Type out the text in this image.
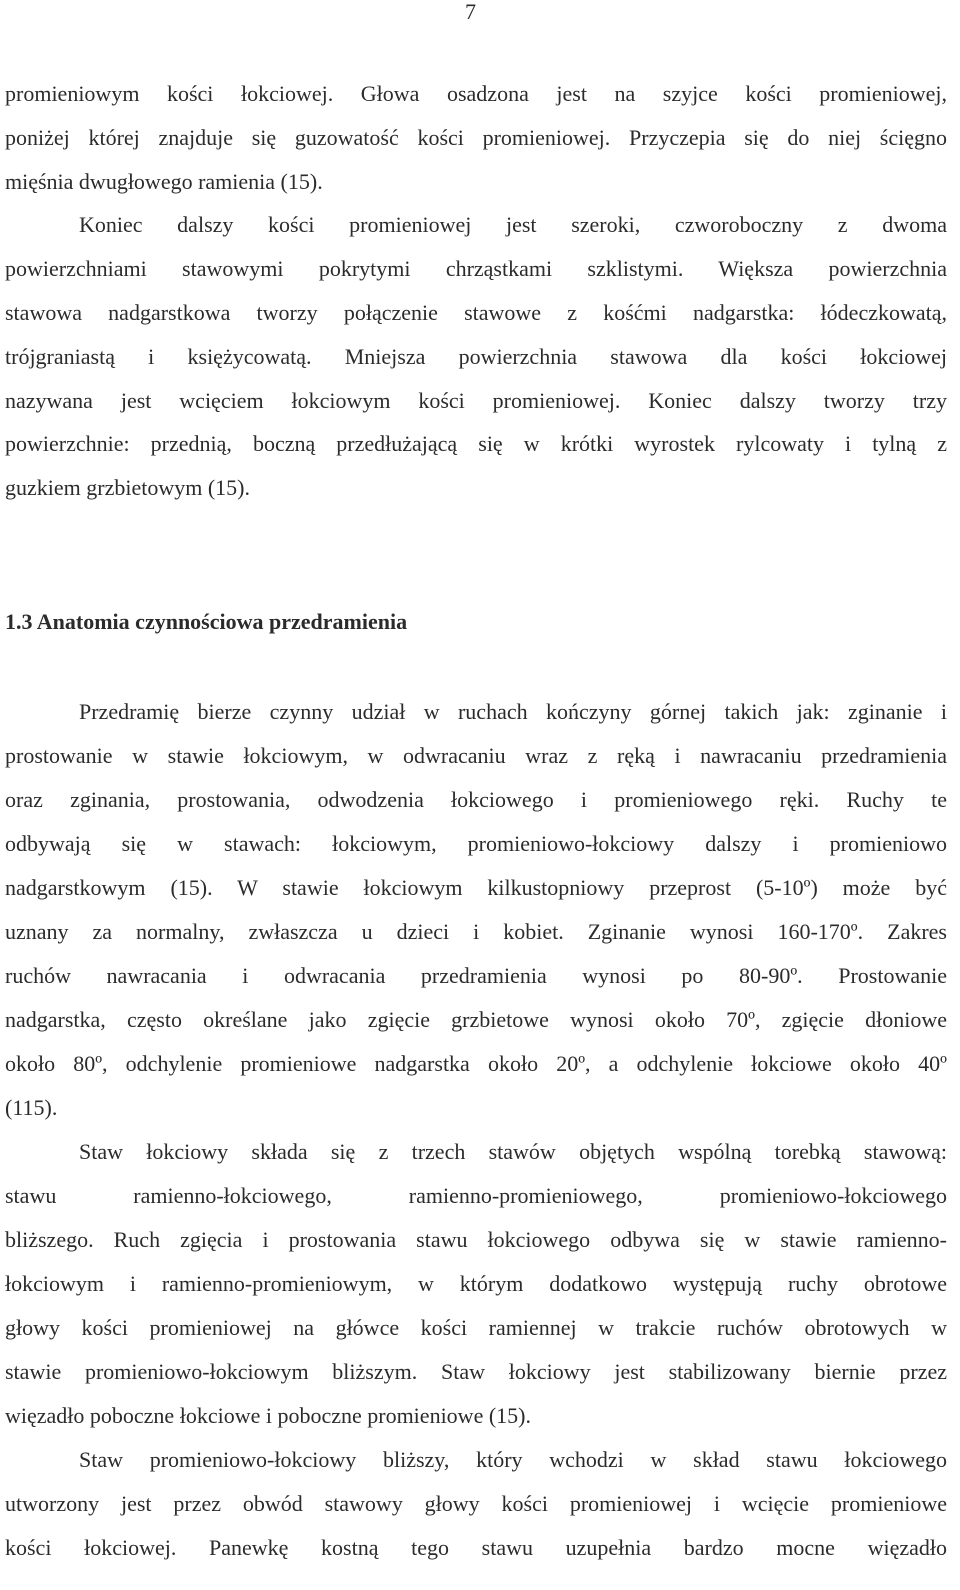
7
promieniowym kości łokciowej. Głowa osadzona jest na szyjce kości promieniowej,
poniżej której znajduje się guzowatość kości promieniowej. Przyczepia się do niej ścięgno
mięśnia dwugłowego ramienia (15).
Koniec dalszy kości promieniowej jest szeroki, czworoboczny z dwoma
powierzchniami stawowymi pokrytymi chrząstkami szklistymi. Większa powierzchnia
stawowa nadgarstkowa tworzy połączenie stawowe z kośćmi nadgarstka: łódeczkowatą,
trójgraniastą i księżycowatą. Mniejsza powierzchnia stawowa dla kości łokciowej
nazywana jest wcięciem łokciowym kości promieniowej. Koniec dalszy tworzy trzy
powierzchnie: przednią, boczną przedłużającą się w krótki wyrostek rylcowaty i tylną z
guzkiem grzbietowym (15).
1.3 Anatomia czynnościowa przedramienia
Przedramię bierze czynny udział w ruchach kończyny górnej takich jak: zginanie i
prostowanie w stawie łokciowym, w odwracaniu wraz z ręką i nawracaniu przedramienia
oraz zginania, prostowania, odwodzenia łokciowego i promieniowego ręki. Ruchy te
odbywają się w stawach: łokciowym, promieniowo-łokciowy dalszy i promieniowo
nadgarstkowym (15). W stawie łokciowym kilkustopniowy przeprost (5-10º) może być
uznany za normalny, zwłaszcza u dzieci i kobiet. Zginanie wynosi 160-170º. Zakres
ruchów nawracania i odwracania przedramienia wynosi po 80-90º. Prostowanie
nadgarstka, często określane jako zgięcie grzbietowe wynosi około 70º, zgięcie dłoniowe
około 80º, odchylenie promieniowe nadgarstka około 20º, a odchylenie łokciowe około 40º
(115).
Staw łokciowy składa się z trzech stawów objętych wspólną torebką stawową:
stawu ramienno-łokciowego, ramienno-promieniowego, promieniowo-łokciowego
bliższego. Ruch zgięcia i prostowania stawu łokciowego odbywa się w stawie ramienno-
łokciowym i ramienno-promieniowym, w którym dodatkowo występują ruchy obrotowe
głowy kości promieniowej na główce kości ramiennej w trakcie ruchów obrotowych w
stawie promieniowo-łokciowym bliższym. Staw łokciowy jest stabilizowany biernie przez
więzadło poboczne łokciowe i poboczne promieniowe (15).
Staw promieniowo-łokciowy bliższy, który wchodzi w skład stawu łokciowego
utworzony jest przez obwód stawowy głowy kości promieniowej i wcięcie promieniowe
kości łokciowej. Panewkę kostną tego stawu uzupełnia bardzo mocne więzadło
